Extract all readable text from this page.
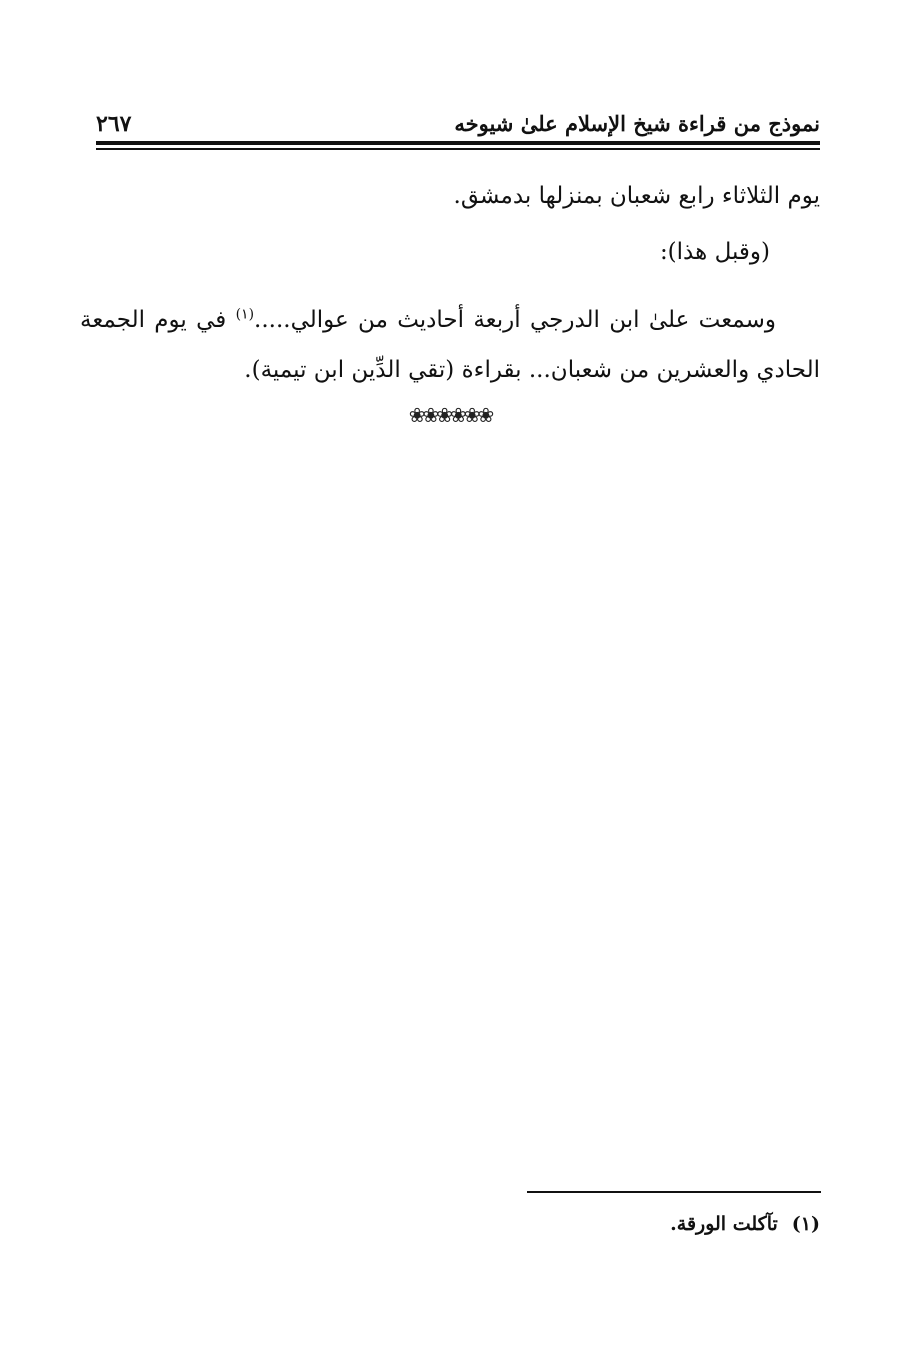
نموذج من قراءة شيخ الإسلام علىٰ شيوخه
٢٦٧
يوم الثلاثاء رابع شعبان بمنزلها بدمشق.
(وقبل هذا):
وسمعت علىٰ ابن الدرجي أربعة أحاديث من عوالي.....$^{(١)}$ في يوم الجمعة الحادي والعشرين من شعبان... بقراءة (تقي الدِّين ابن تيمية).
❀❀❀❀❀❀
(١)تآكلت الورقة.
